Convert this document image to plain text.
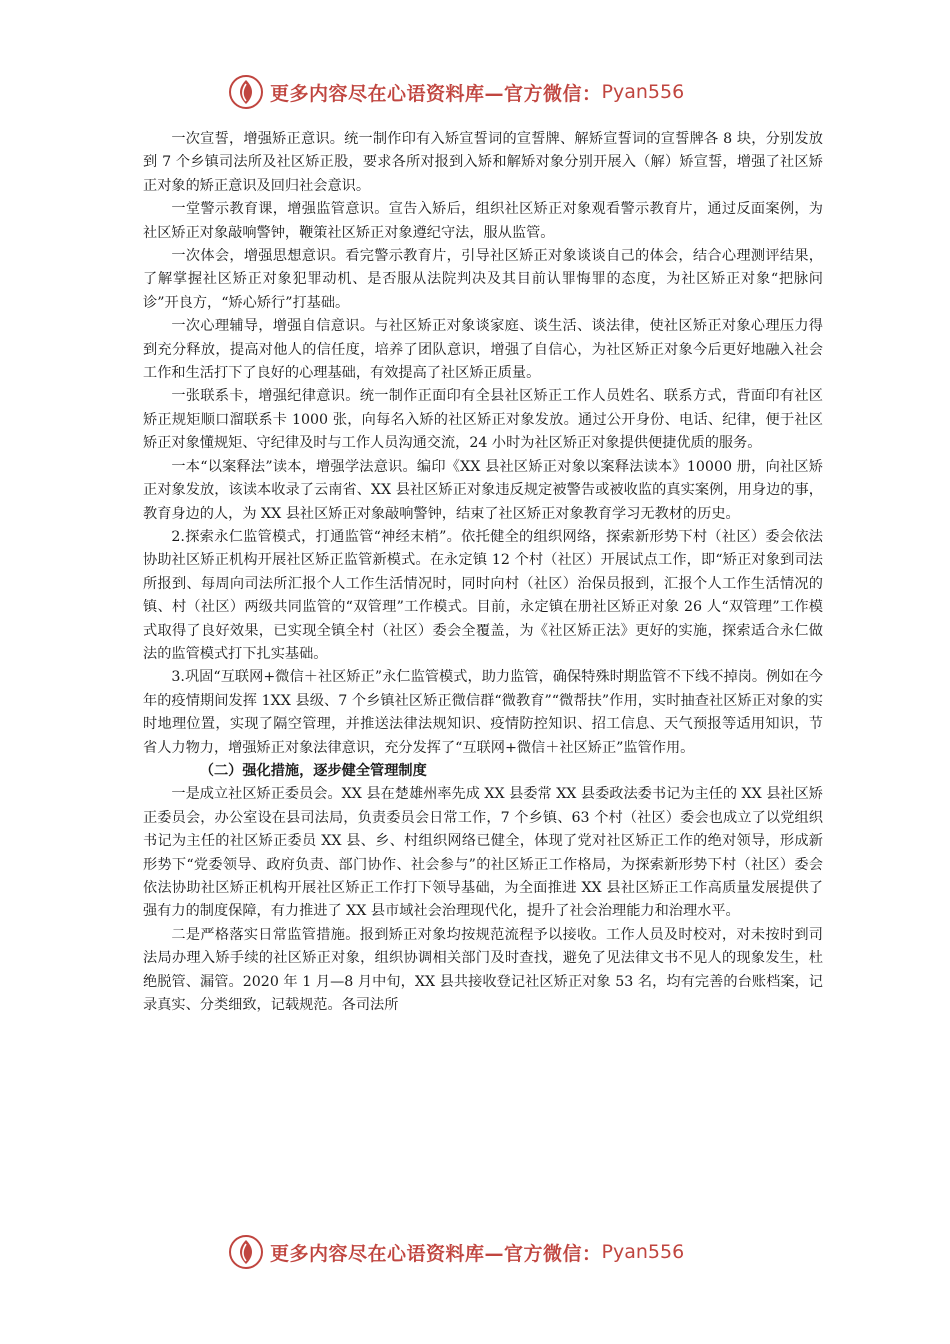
更多内容尽在心语资料库—官方微信： Pyan556

一次宣誓，增强矫正意识。统一制作印有入矫宣誓词的宣誓牌、解矫宣誓词的宣誓牌各 8 块，分别发放到 7 个乡镇司法所及社区矫正股，要求各所对报到入矫和解矫对象分别开展入（解）矫宣誓，增强了社区矫正对象的矫正意识及回归社会意识。

一堂警示教育课，增强监管意识。宣告入矫后，组织社区矫正对象观看警示教育片，通过反面案例，为社区矫正对象敲响警钟，鞭策社区矫正对象遵纪守法，服从监管。

一次体会，增强思想意识。看完警示教育片，引导社区矫正对象谈谈自己的体会，结合心理测评结果，了解掌握社区矫正对象犯罪动机、是否服从法院判决及其目前认罪悔罪的态度，为社区矫正对象“把脉问诊”开良方，“矫心矫行”打基础。

一次心理辅导，增强自信意识。与社区矫正对象谈家庭、谈生活、谈法律，使社区矫正对象心理压力得到充分释放，提高对他人的信任度，培养了团队意识，增强了自信心，为社区矫正对象今后更好地融入社会工作和生活打下了良好的心理基础，有效提高了社区矫正质量。

一张联系卡，增强纪律意识。统一制作正面印有全县社区矫正工作人员姓名、联系方式，背面印有社区矫正规矩顺口溜联系卡 1000 张，向每名入矫的社区矫正对象发放。通过公开身份、电话、纪律，便于社区矫正对象懂规矩、守纪律及时与工作人员沟通交流，24 小时为社区矫正对象提供便捷优质的服务。

一本“以案释法”读本，增强学法意识。编印《XX 县社区矫正对象以案释法读本》10000 册，向社区矫正对象发放，该读本收录了云南省、XX 县社区矫正对象违反规定被警告或被收监的真实案例，用身边的事，教育身边的人，为 XX 县社区矫正对象敲响警钟，结束了社区矫正对象教育学习无教材的历史。

2.探索永仁监管模式，打通监管“神经末梢”。依托健全的组织网络，探索新形势下村（社区）委会依法协助社区矫正机构开展社区矫正监管新模式。在永定镇 12 个村（社区）开展试点工作，即“矫正对象到司法所报到、每周向司法所汇报个人工作生活情况时，同时向村（社区）治保员报到，汇报个人工作生活情况的镇、村（社区）两级共同监管的“双管理”工作模式。目前，永定镇在册社区矫正对象 26 人“双管理”工作模式取得了良好效果，已实现全镇全村（社区）委会全覆盖，为《社区矫正法》更好的实施，探索适合永仁做法的监管模式打下扎实基础。

3.巩固“互联网+微信＋社区矫正”永仁监管模式，助力监管，确保特殊时期监管不下线不掉岗。例如在今年的疫情期间发挥 1XX 县级、7 个乡镇社区矫正微信群“微教育”“微帮扶”作用，实时抽查社区矫正对象的实时地理位置，实现了隔空管理，并推送法律法规知识、疫情防控知识、招工信息、天气预报等适用知识，节省人力物力，增强矫正对象法律意识，充分发挥了“互联网+微信＋社区矫正”监管作用。

（二）强化措施，逐步健全管理制度

一是成立社区矫正委员会。XX 县在楚雄州率先成 XX 县委常 XX 县委政法委书记为主任的 XX 县社区矫正委员会，办公室设在县司法局，负责委员会日常工作，7 个乡镇、63 个村（社区）委会也成立了以党组织书记为主任的社区矫正委员 XX 县、乡、村组织网络已健全，体现了党对社区矫正工作的绝对领导，形成新形势下“党委领导、政府负责、部门协作、社会参与”的社区矫正工作格局，为探索新形势下村（社区）委会依法协助社区矫正机构开展社区矫正工作打下领导基础，为全面推进 XX 县社区矫正工作高质量发展提供了强有力的制度保障，有力推进了 XX 县市域社会治理现代化，提升了社会治理能力和治理水平。

二是严格落实日常监管措施。报到矫正对象均按规范流程予以接收。工作人员及时校对，对未按时到司法局办理入矫手续的社区矫正对象，组织协调相关部门及时查找，避免了见法律文书不见人的现象发生，杜绝脱管、漏管。2020 年 1 月—8 月中旬，XX 县共接收登记社区矫正对象 53 名，均有完善的台账档案，记录真实、分类细致，记载规范。各司法所

更多内容尽在心语资料库—官方微信： Pyan556
